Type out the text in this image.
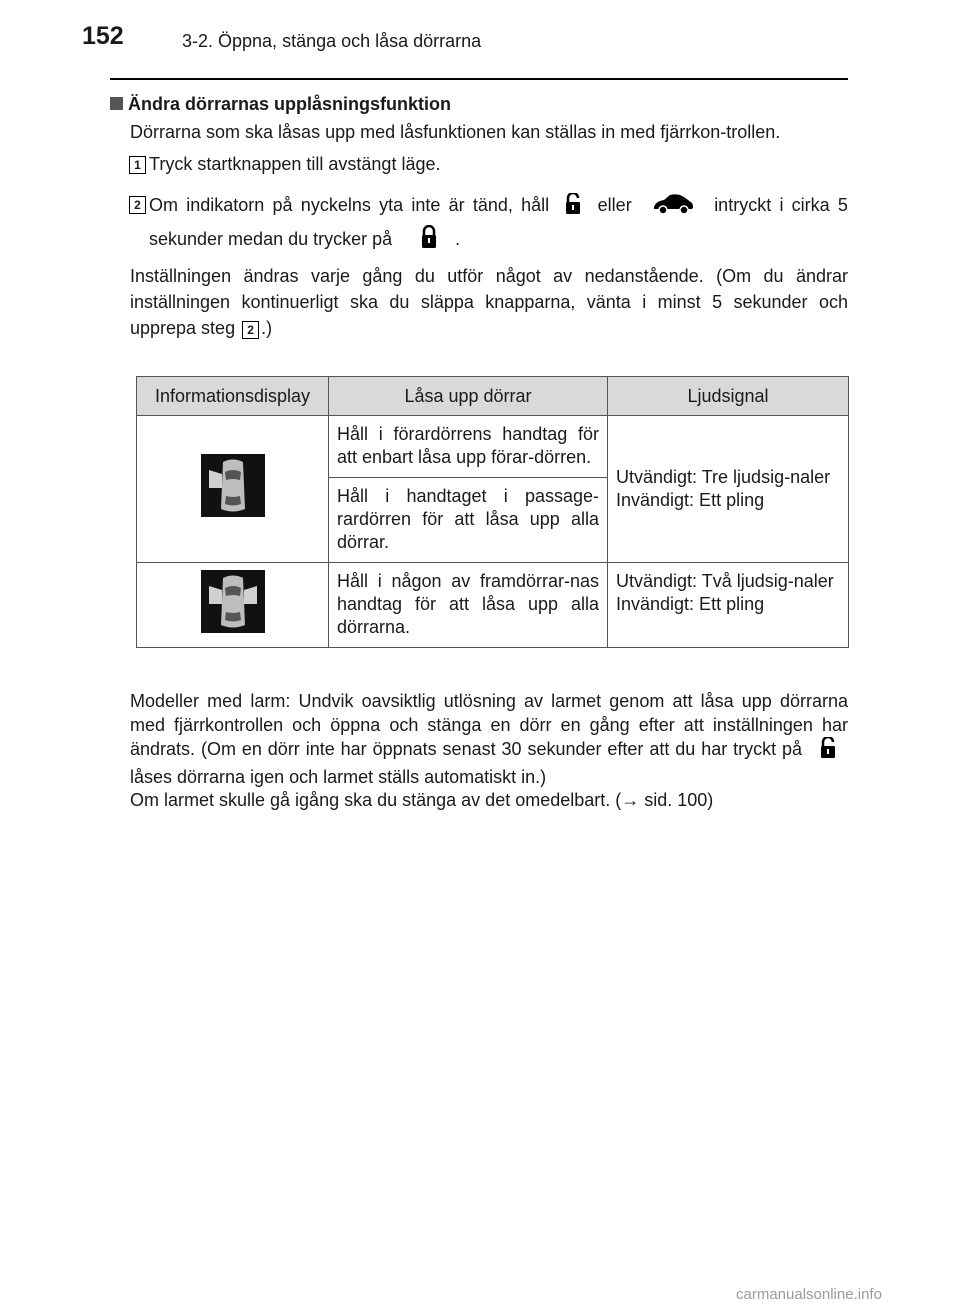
152	3-2. Öppna, stänga och låsa dörrarna
Ändra dörrarnas upplåsningsfunktion

Dörrarna som ska låsas upp med låsfunktionen kan ställas in med fjärrkon-trollen.

1 Tryck startknappen till avstängt läge.
2 Om indikatorn på nyckelns yta inte är tänd, håll	eller	intryckt i cirka 5 sekunder medan du trycker på	.

Inställningen ändras varje gång du utför något av nedanstående. (Om du ändrar inställningen kontinuerligt ska du släppa knapparna, vänta i minst 5 sekunder och upprepa steg 2 .)

Informationsdisplay	Låsa upp dörrar	Ljudsignal
	Håll i förardörrens handtag för att enbart låsa upp förar-dörren.	Utvändigt: Tre ljudsig-naler
Invändigt: Ett pling

	Håll i handtaget i passage-rardörren för att låsa upp alla dörrar.	
	Håll i någon av framdörrar-nas handtag för att låsa upp alla dörrarna.	Utvändigt: Två ljudsig-naler
Invändigt: Ett pling

Modeller med larm: Undvik oavsiktlig utlösning av larmet genom att låsa upp dörrarna med fjärrkontrollen och öppna och stänga en dörr en gång efter att inställningen har ändrats. (Om en dörr inte har öppnats senast 30 sekunder efter att du har tryckt på  låses dörrarna igen och larmet ställs automatiskt in.)

Om larmet skulle gå igång ska du stänga av det omedelbart. (→ sid. 100)

carmanualsonline.info
